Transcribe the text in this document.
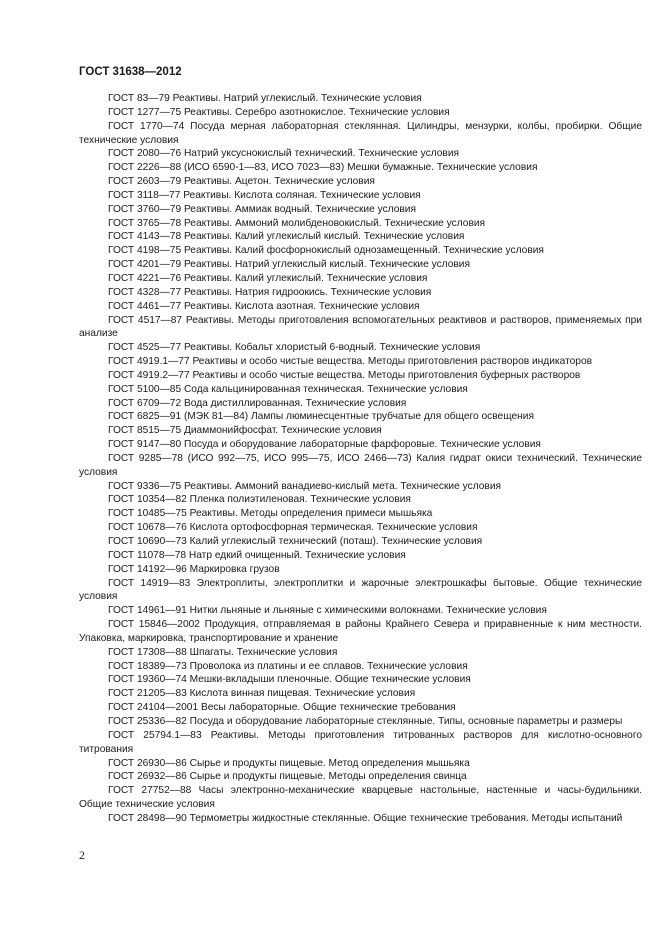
ГОСТ 31638—2012

ГОСТ 83—79 Реактивы. Натрий углекислый. Технические условия

ГОСТ 1277—75 Реактивы. Серебро азотнокислое. Технические условия

ГОСТ 1770—74 Посуда мерная лабораторная стеклянная. Цилиндры, мензурки, колбы, пробирки. Общие технические условия

ГОСТ 2080—76 Натрий уксуснокислый технический. Технические условия

ГОСТ 2226—88 (ИСО 6590-1—83, ИСО 7023—83) Мешки бумажные. Технические условия

ГОСТ 2603—79 Реактивы. Ацетон. Технические условия

ГОСТ 3118—77 Реактивы. Кислота соляная. Технические условия

ГОСТ 3760—79 Реактивы. Аммиак водный. Технические условия

ГОСТ 3765—78 Реактивы. Аммоний молибденовокислый. Технические условия

ГОСТ 4143—78 Реактивы. Калий углекислый кислый. Технические условия

ГОСТ 4198—75 Реактивы. Калий фосфорнокислый однозамещенный. Технические условия

ГОСТ 4201—79 Реактивы. Натрий углекислый кислый. Технические условия

ГОСТ 4221—76 Реактивы. Калий углекислый. Технические условия

ГОСТ 4328—77 Реактивы. Натрия гидроокись. Технические условия

ГОСТ 4461—77 Реактивы. Кислота азотная. Технические условия

ГОСТ 4517—87 Реактивы. Методы приготовления вспомогательных реактивов и растворов, применяемых при анализе

ГОСТ 4525—77 Реактивы. Кобальт хлористый 6-водный. Технические условия

ГОСТ 4919.1—77 Реактивы и особо чистые вещества. Методы приготовления растворов индикаторов

ГОСТ 4919.2—77 Реактивы и особо чистые вещества. Методы приготовления буферных растворов

ГОСТ 5100—85 Сода кальцинированная техническая. Технические условия

ГОСТ 6709—72 Вода дистиллированная. Технические условия

ГОСТ 6825—91 (МЭК 81—84) Лампы люминесцентные трубчатые для общего освещения

ГОСТ 8515—75 Диаммонийфосфат. Технические условия

ГОСТ 9147—80 Посуда и оборудование лабораторные фарфоровые. Технические условия

ГОСТ 9285—78 (ИСО 992—75, ИСО 995—75, ИСО 2466—73) Калия гидрат окиси технический. Технические условия

ГОСТ 9336—75 Реактивы. Аммоний ванадиево-кислый мета. Технические условия

ГОСТ 10354—82 Пленка полиэтиленовая. Технические условия

ГОСТ 10485—75 Реактивы. Методы определения примеси мышьяка

ГОСТ 10678—76 Кислота ортофосфорная термическая. Технические условия

ГОСТ 10690—73 Калий углекислый технический (поташ). Технические условия

ГОСТ 11078—78 Натр едкий очищенный. Технические условия

ГОСТ 14192—96 Маркировка грузов

ГОСТ 14919—83 Электроплиты, электроплитки и жарочные электрошкафы бытовые. Общие технические условия

ГОСТ 14961—91 Нитки льняные и льняные с химическими волокнами. Технические условия

ГОСТ 15846—2002 Продукция, отправляемая в районы Крайнего Севера и приравненные к ним местности. Упаковка, маркировка, транспортирование и хранение

ГОСТ 17308—88 Шпагаты. Технические условия

ГОСТ 18389—73 Проволока из платины и ее сплавов. Технические условия

ГОСТ 19360—74 Мешки-вкладыши пленочные. Общие технические условия

ГОСТ 21205—83 Кислота винная пищевая. Технические условия

ГОСТ 24104—2001 Весы лабораторные. Общие технические требования

ГОСТ 25336—82 Посуда и оборудование лабораторные стеклянные. Типы, основные параметры и размеры

ГОСТ 25794.1—83 Реактивы. Методы приготовления титрованных растворов для кислотно-основного титрования

ГОСТ 26930—86 Сырье и продукты пищевые. Метод определения мышьяка

ГОСТ 26932—86 Сырье и продукты пищевые. Методы определения свинца

ГОСТ 27752—88 Часы электронно-механические кварцевые настольные, настенные и часы-будильники. Общие технические условия

ГОСТ 28498—90 Термометры жидкостные стеклянные. Общие технические требования. Методы испытаний

2
